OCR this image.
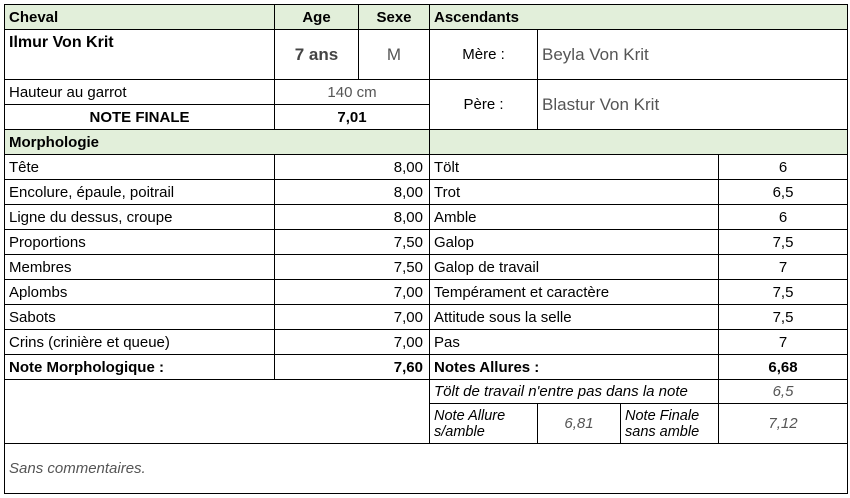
Cheval	Age	Sexe	Ascendants			
Ilmur Von Krit	7 ans	M	Mère :	Beyla Von Krit		
Hauteur au garrot	140 cm		Père :	Blastur Von Krit		
NOTE FINALE	7,01					
Morphologie						
Tête	8,00		Tölt			6
Encolure, épaule, poitrail	8,00		Trot			6,5
Ligne du dessus, croupe	8,00		Amble			6
Proportions	7,50		Galop			7,5
Membres	7,50		Galop de travail			7
Aplombs	7,00		Tempérament et caractère			7,5
Sabots	7,00		Attitude sous la selle			7,5
Crins (crinière et queue)	7,00		Pas			7
Note Morphologique :	7,60		Notes Allures :			6,68
			Tölt de travail n'entre pas dans la note			6,5
			Note Allure s/amble	6,81	Note Finale sans amble	7,12
Sans commentaires.						
